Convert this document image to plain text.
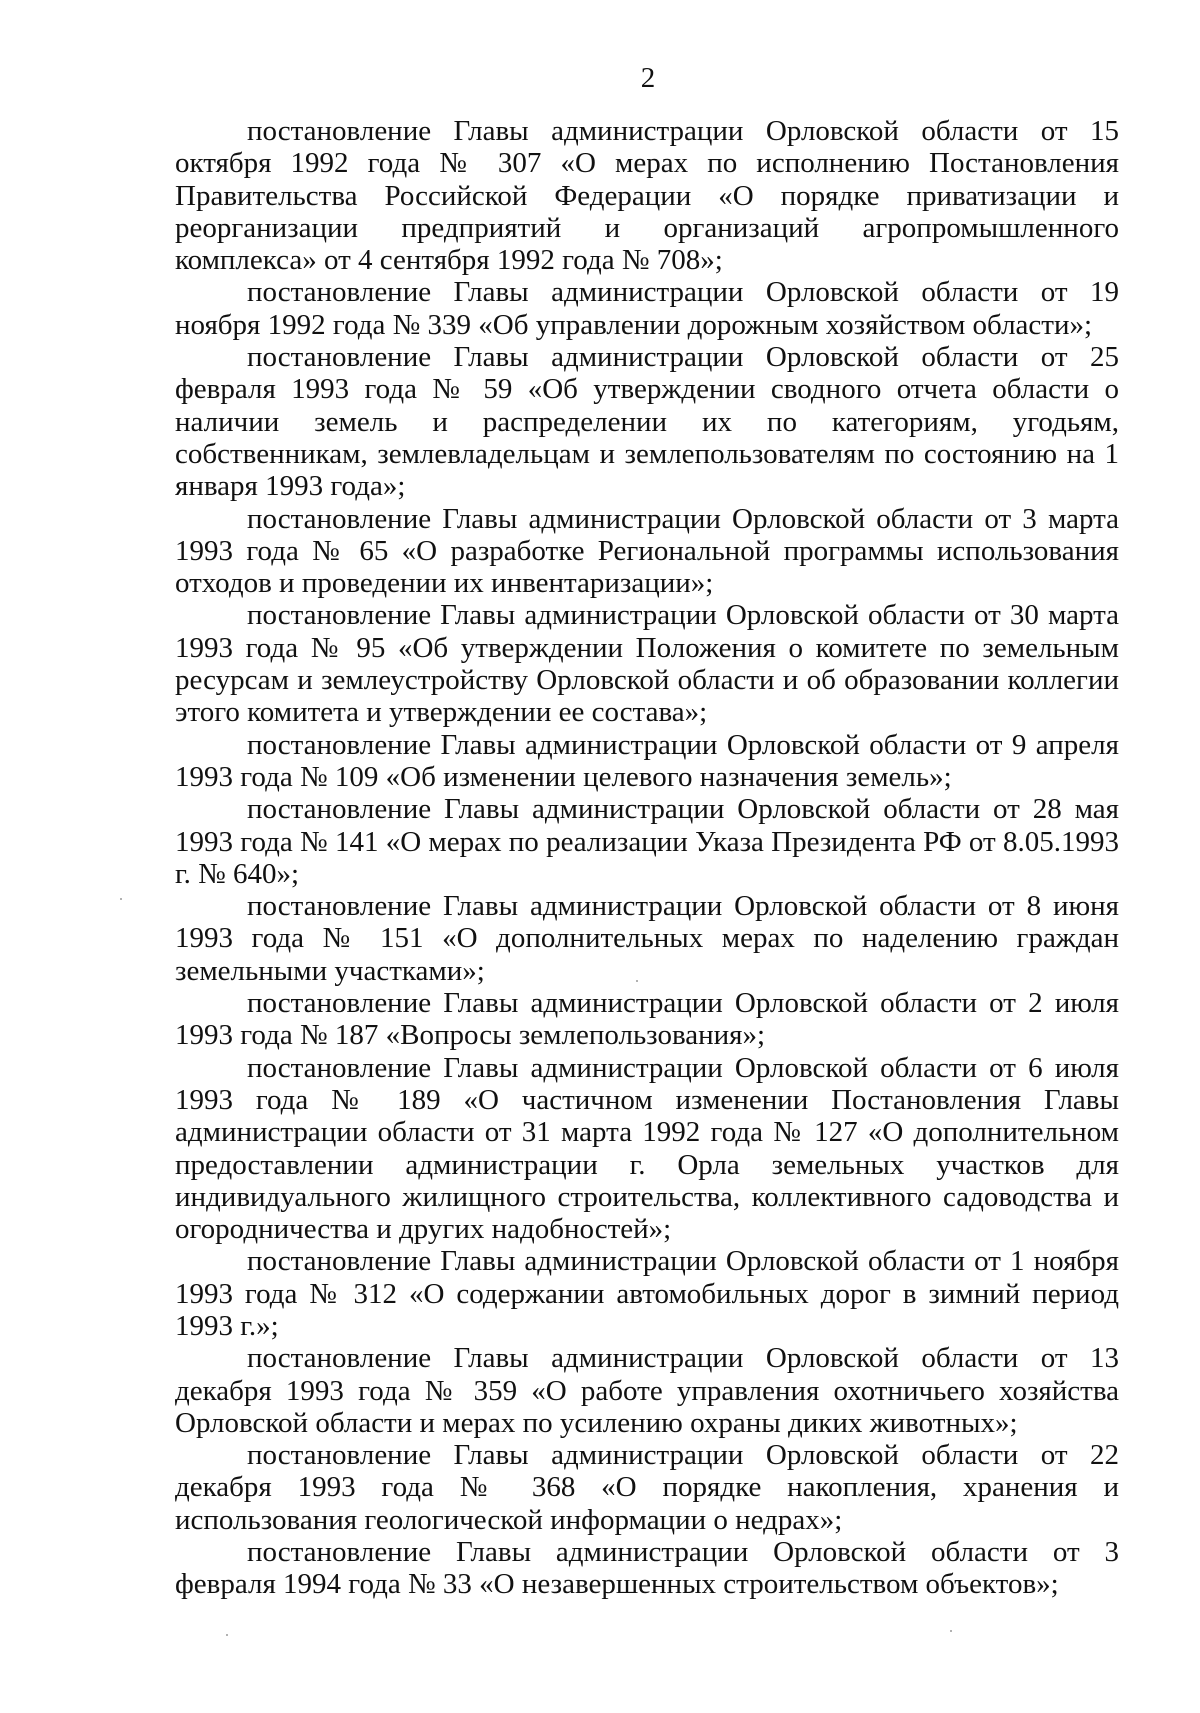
2

постановление Главы администрации Орловской области от 15 октября 1992 года № 307 «О мерах по исполнению Постановления Правительства Российской Федерации «О порядке приватизации и реорганизации предприятий и организаций агропромышленного комплекса» от 4 сентября 1992 года № 708»;

постановление Главы администрации Орловской области от 19 ноября 1992 года № 339 «Об управлении дорожным хозяйством области»;

постановление Главы администрации Орловской области от 25 февраля 1993 года № 59 «Об утверждении сводного отчета области о наличии земель и распределении их по категориям, угодьям, собственникам, землевладельцам и землепользователям по состоянию на 1 января 1993 года»;

постановление Главы администрации Орловской области от 3 марта 1993 года № 65 «О разработке Региональной программы использования отходов и проведении их инвентаризации»;

постановление Главы администрации Орловской области от 30 марта 1993 года № 95 «Об утверждении Положения о комитете по земельным ресурсам и землеустройству Орловской области и об образовании коллегии этого комитета и утверждении ее состава»;

постановление Главы администрации Орловской области от 9 апреля 1993 года № 109 «Об изменении целевого назначения земель»;

постановление Главы администрации Орловской области от 28 мая 1993 года № 141 «О мерах по реализации Указа Президента РФ от 8.05.1993 г. № 640»;

постановление Главы администрации Орловской области от 8 июня 1993 года № 151 «О дополнительных мерах по наделению граждан земельными участками»;

постановление Главы администрации Орловской области от 2 июля 1993 года № 187 «Вопросы землепользования»;

постановление Главы администрации Орловской области от 6 июля 1993 года № 189 «О частичном изменении Постановления Главы администрации области от 31 марта 1992 года № 127 «О дополнительном предоставлении администрации г. Орла земельных участков для индивидуального жилищного строительства, коллективного садоводства и огородничества и других надобностей»;

постановление Главы администрации Орловской области от 1 ноября 1993 года № 312 «О содержании автомобильных дорог в зимний период 1993 г.»;

постановление Главы администрации Орловской области от 13 декабря 1993 года № 359 «О работе управления охотничьего хозяйства Орловской области и мерах по усилению охраны диких животных»;

постановление Главы администрации Орловской области от 22 декабря 1993 года № 368 «О порядке накопления, хранения и использования геологической информации о недрах»;

постановление Главы администрации Орловской области от 3 февраля 1994 года № 33 «О незавершенных строительством объектов»;
